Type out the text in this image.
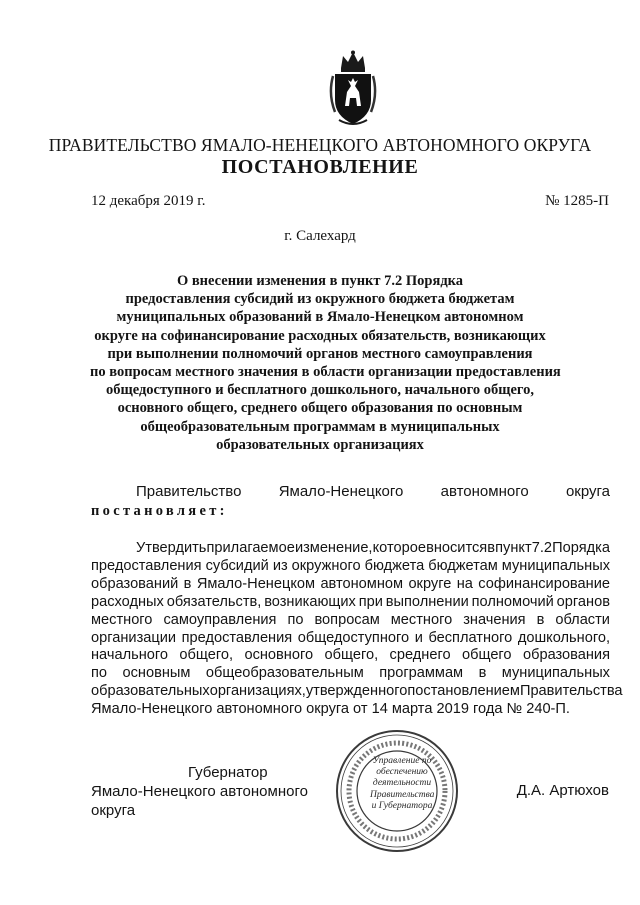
ПРАВИТЕЛЬСТВО ЯМАЛО-НЕНЕЦКОГО АВТОНОМНОГО ОКРУГА
ПОСТАНОВЛЕНИЕ
12 декабря 2019 г.	№ 1285-П
г. Салехард
О внесении изменения в пункт 7.2 Порядка
предоставления субсидий из окружного бюджета бюджетам
муниципальных образований в Ямало-Ненецком автономном
округе на софинансирование расходных обязательств, возникающих
при выполнении полномочий органов местного самоуправления
по вопросам местного значения в области организации предоставления
общедоступного и бесплатного дошкольного, начального общего,
основного общего, среднего общего образования по основным
общеобразовательным программам в муниципальных
образовательных организациях
Правительство Ямало-Ненецкого автономного округа
постановляет:
Утвердить прилагаемое изменение, которое вносится в пункт 7.2 Порядка
предоставления субсидий из окружного бюджета бюджетам муниципальных
образований в Ямало-Ненецком автономном округе на софинансирование
расходных обязательств, возникающих при выполнении полномочий органов
местного самоуправления по вопросам местного значения в области
организации предоставления общедоступного и бесплатного дошкольного,
начального общего, основного общего, среднего общего образования
по основным общеобразовательным программам в муниципальных
образовательных организациях, утвержденного постановлением Правительства
Ямало-Ненецкого автономного округа от 14 марта 2019 года № 240-П.
Губернатор
Ямало-Ненецкого автономного округа
Управление по
обеспечению
деятельности
Правительства
и Губернатора
Д.А. Артюхов
